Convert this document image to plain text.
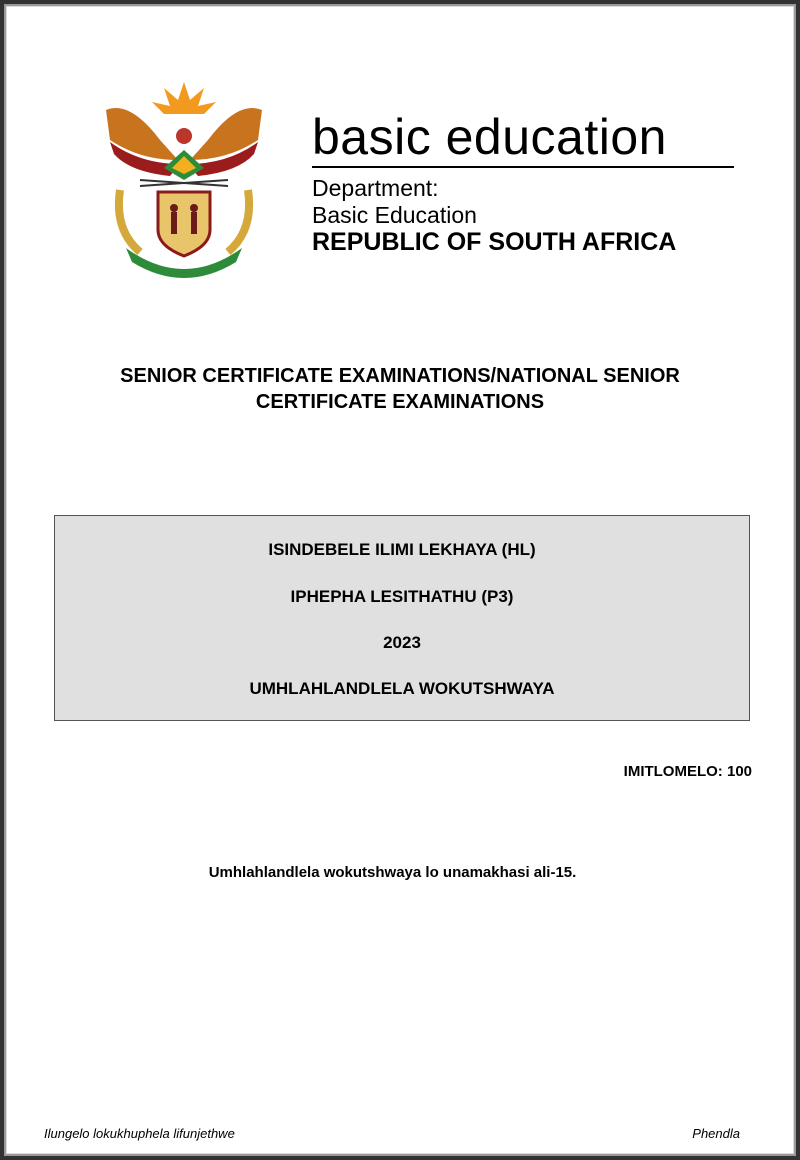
basic education
Department:
Basic Education
REPUBLIC OF SOUTH AFRICA
SENIOR CERTIFICATE EXAMINATIONS/NATIONAL SENIOR
CERTIFICATE EXAMINATIONS
ISINDEBELE ILIMI LEKHAYA (HL)
IPHEPHA LESITHATHU (P3)
2023
UMHLAHLANDLELA WOKUTSHWAYA
IMITLOMELO: 100
Umhlahlandlela wokutshwaya lo unamakhasi ali-15.
Ilungelo lokukhuphela lifunjethwe	Phendla
